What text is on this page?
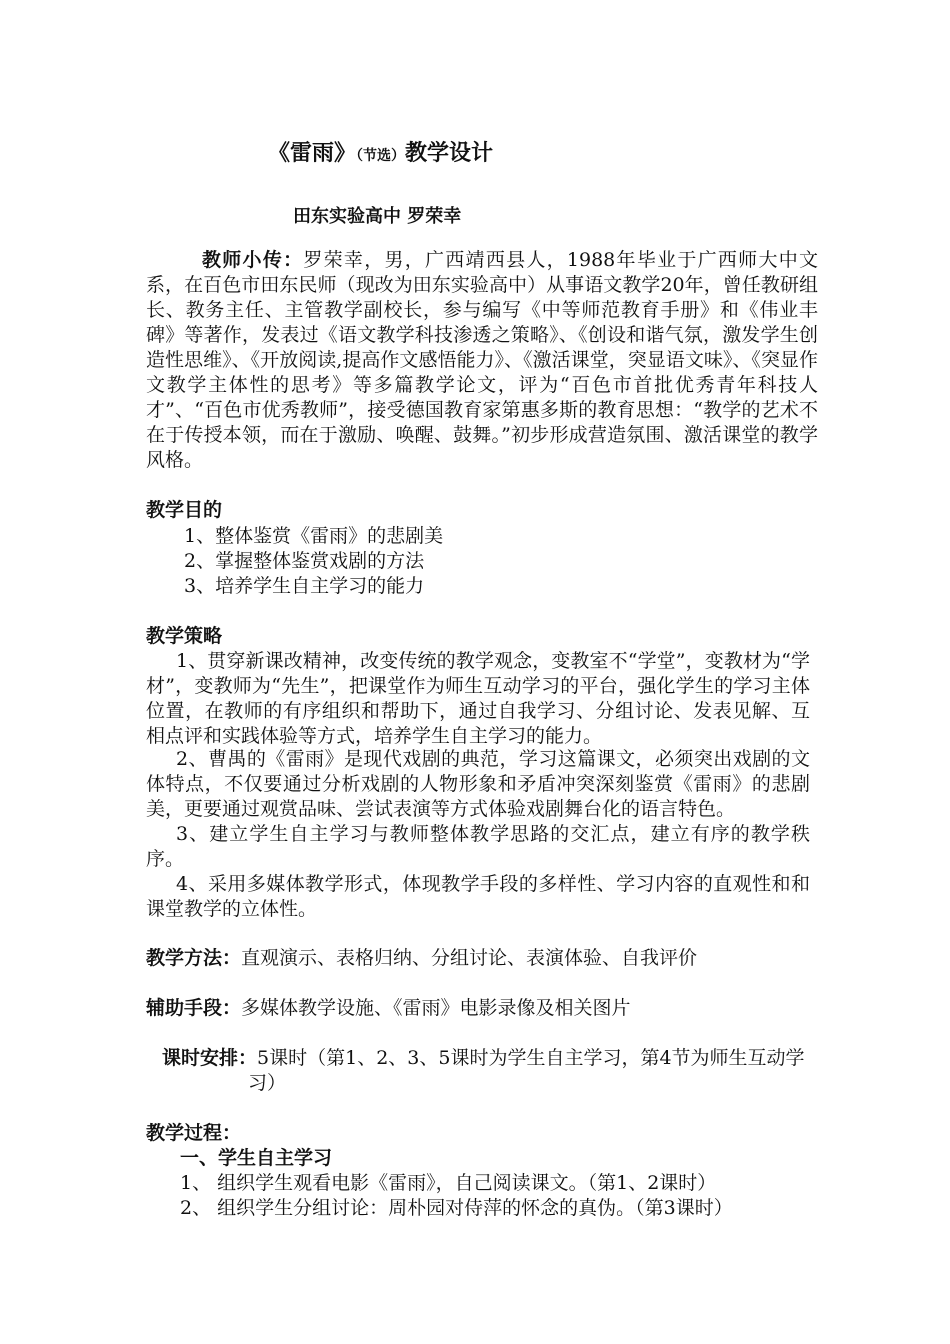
《雷雨》（节选）教学设计
田东实验高中 罗荣幸
教师小传：罗荣幸，男，广西靖西县人，1988年毕业于广西师大中文系，在百色市田东民师（现改为田东实验高中）从事语文教学20年，曾任教研组长、教务主任、主管教学副校长，参与编写《中等师范教育手册》和《伟业丰碑》等著作，发表过《语文教学科技渗透之策略》、《创设和谐气氛，激发学生创造性思维》、《开放阅读,提高作文感悟能力》、《激活课堂，突显语文味》、《突显作文教学主体性的思考》等多篇教学论文，评为“百色市首批优秀青年科技人才”、“百色市优秀教师”，接受德国教育家第惠多斯的教育思想：“教学的艺术不在于传授本领，而在于激励、唤醒、鼓舞。”初步形成营造氛围、激活课堂的教学风格。
教学目的
1、整体鉴赏《雷雨》的悲剧美
2、掌握整体鉴赏戏剧的方法
3、培养学生自主学习的能力
教学策略
1、贯穿新课改精神，改变传统的教学观念，变教室不“学堂”，变教材为“学材”，变教师为“先生”，把课堂作为师生互动学习的平台，强化学生的学习主体位置，在教师的有序组织和帮助下，通过自我学习、分组讨论、发表见解、互相点评和实践体验等方式，培养学生自主学习的能力。
2、曹禺的《雷雨》是现代戏剧的典范，学习这篇课文，必须突出戏剧的文体特点，不仅要通过分析戏剧的人物形象和矛盾冲突深刻鉴赏《雷雨》的悲剧美，更要通过观赏品味、尝试表演等方式体验戏剧舞台化的语言特色。
3、建立学生自主学习与教师整体教学思路的交汇点，建立有序的教学秩序。
4、采用多媒体教学形式，体现教学手段的多样性、学习内容的直观性和和课堂教学的立体性。
教学方法：直观演示、表格归纳、分组讨论、表演体验、自我评价
辅助手段：多媒体教学设施、《雷雨》电影录像及相关图片
课时安排：5课时（第1、2、3、5课时为学生自主学习，第4节为师生互动学习）
教学过程：
一、学生自主学习
1、 组织学生观看电影《雷雨》，自己阅读课文。（第1、2课时）
2、 组织学生分组讨论：周朴园对侍萍的怀念的真伪。（第3课时）
